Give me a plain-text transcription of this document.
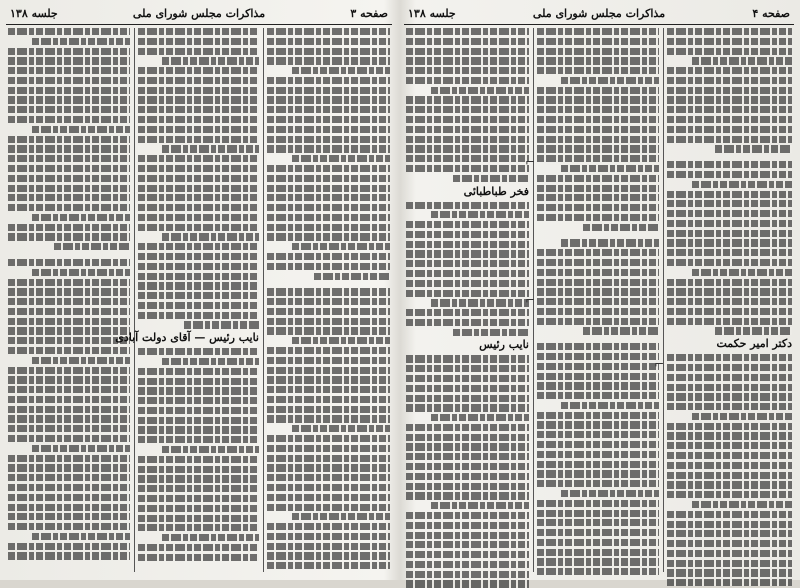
جلسه ۱۳۸	مذاکرات مجلس شورای ملی	صفحه ۳
نایب رئیس — آقای دولت آبادی
جلسه ۱۳۸	مذاکرات مجلس شورای ملی	صفحه ۴
فخر طباطبائی
نایب رئیس	دکتر امیر حکمت
⌐
⌐
⌐
